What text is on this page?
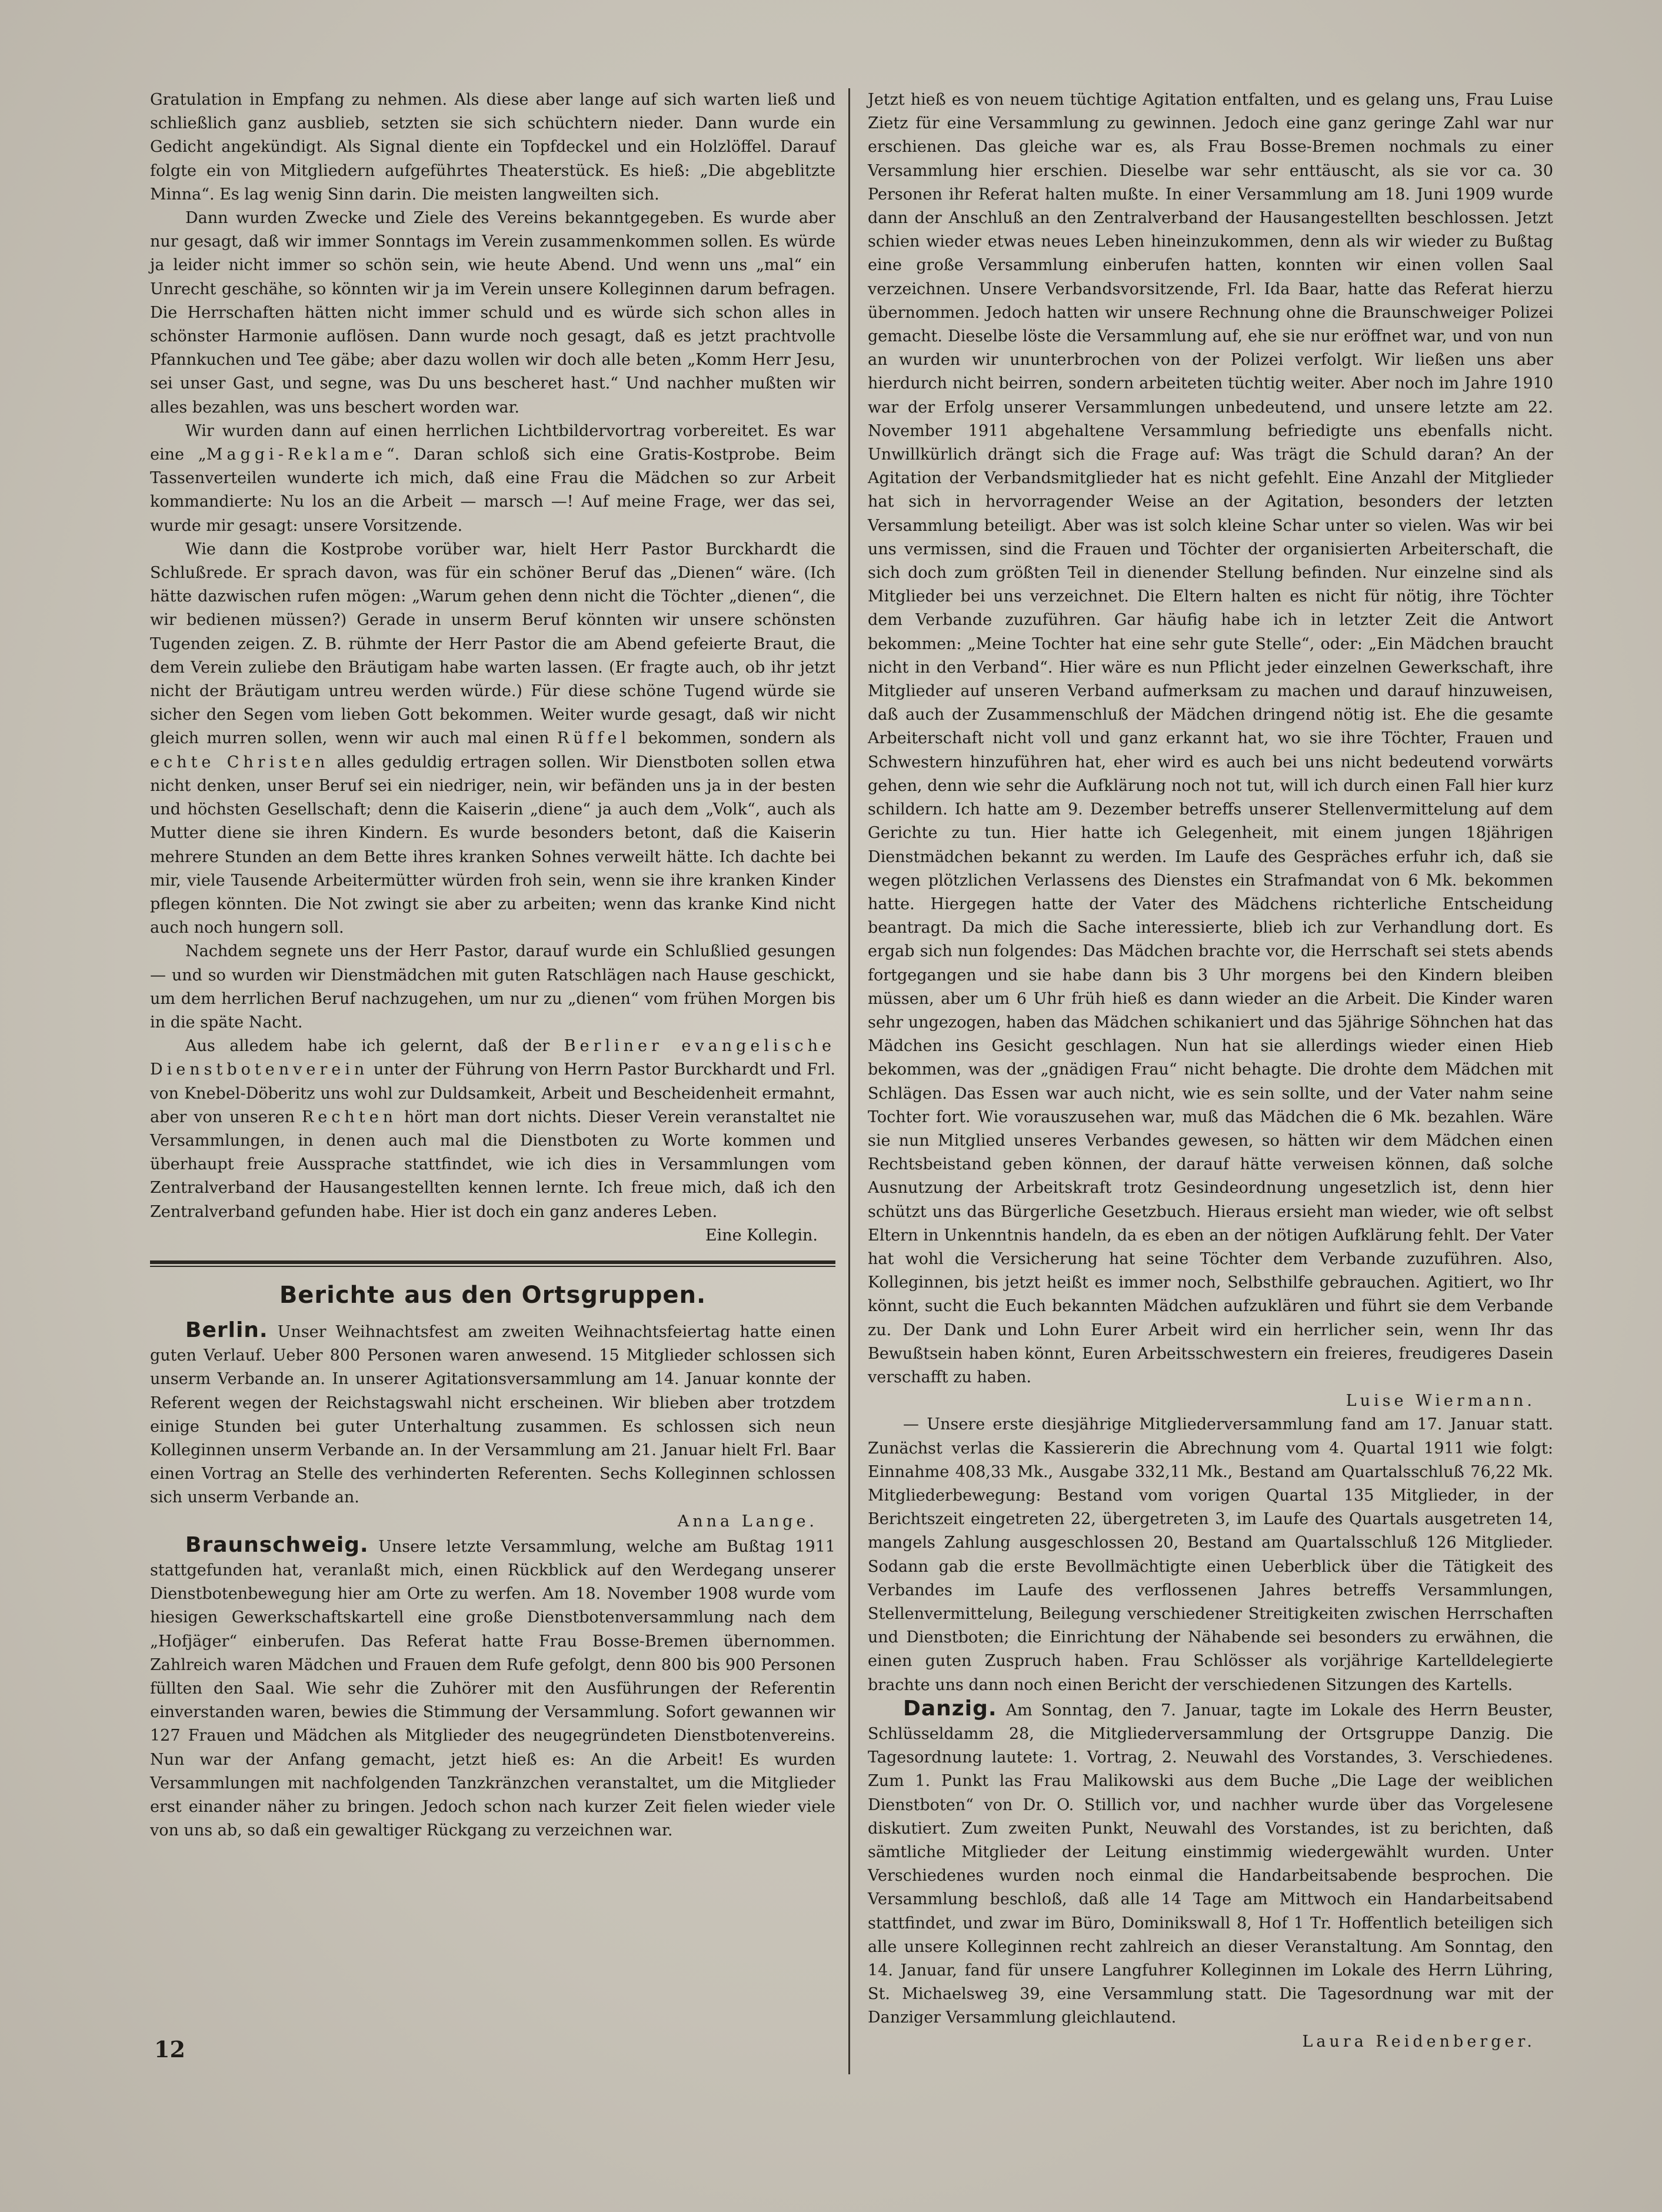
Gratulation in Empfang zu nehmen. Als diese aber lange auf sich warten ließ und schließlich ganz ausblieb, setzten sie sich schüchtern nieder. Dann wurde ein Gedicht angekündigt. Als Signal diente ein Topfdeckel und ein Holzlöffel. Darauf folgte ein von Mitgliedern aufgeführtes Theaterstück. Es hieß: „Die abgeblitzte Minna“. Es lag wenig Sinn darin. Die meisten langweilten sich.

Dann wurden Zwecke und Ziele des Vereins bekanntgegeben. Es wurde aber nur gesagt, daß wir immer Sonntags im Verein zusammenkommen sollen. Es würde ja leider nicht immer so schön sein, wie heute Abend. Und wenn uns „mal“ ein Unrecht geschähe, so könnten wir ja im Verein unsere Kolleginnen darum befragen. Die Herrschaften hätten nicht immer schuld und es würde sich schon alles in schönster Harmonie auflösen. Dann wurde noch gesagt, daß es jetzt prachtvolle Pfannkuchen und Tee gäbe; aber dazu wollen wir doch alle beten „Komm Herr Jesu, sei unser Gast, und segne, was Du uns bescheret hast.“ Und nachher mußten wir alles bezahlen, was uns beschert worden war.

Wir wurden dann auf einen herrlichen Lichtbildervortrag vorbereitet. Es war eine „Maggi-Reklame“. Daran schloß sich eine Gratis-Kostprobe. Beim Tassenverteilen wunderte ich mich, daß eine Frau die Mädchen so zur Arbeit kommandierte: Nu los an die Arbeit — marsch —! Auf meine Frage, wer das sei, wurde mir gesagt: unsere Vorsitzende.

Wie dann die Kostprobe vorüber war, hielt Herr Pastor Burckhardt die Schlußrede. Er sprach davon, was für ein schöner Beruf das „Dienen“ wäre. (Ich hätte dazwischen rufen mögen: „Warum gehen denn nicht die Töchter „dienen“, die wir bedienen müssen?) Gerade in unserm Beruf könnten wir unsere schönsten Tugenden zeigen. Z. B. rühmte der Herr Pastor die am Abend gefeierte Braut, die dem Verein zuliebe den Bräutigam habe warten lassen. (Er fragte auch, ob ihr jetzt nicht der Bräutigam untreu werden würde.) Für diese schöne Tugend würde sie sicher den Segen vom lieben Gott bekommen. Weiter wurde gesagt, daß wir nicht gleich murren sollen, wenn wir auch mal einen Rüffel bekommen, sondern als echte Christen alles geduldig ertragen sollen. Wir Dienstboten sollen etwa nicht denken, unser Beruf sei ein niedriger, nein, wir befänden uns ja in der besten und höchsten Gesellschaft; denn die Kaiserin „diene“ ja auch dem „Volk“, auch als Mutter diene sie ihren Kindern. Es wurde besonders betont, daß die Kaiserin mehrere Stunden an dem Bette ihres kranken Sohnes verweilt hätte. Ich dachte bei mir, viele Tausende Arbeitermütter würden froh sein, wenn sie ihre kranken Kinder pflegen könnten. Die Not zwingt sie aber zu arbeiten; wenn das kranke Kind nicht auch noch hungern soll.

Nachdem segnete uns der Herr Pastor, darauf wurde ein Schlußlied gesungen — und so wurden wir Dienstmädchen mit guten Ratschlägen nach Hause geschickt, um dem herrlichen Beruf nachzugehen, um nur zu „dienen“ vom frühen Morgen bis in die späte Nacht.

Aus alledem habe ich gelernt, daß der Berliner evangelische Dienstbotenverein unter der Führung von Herrn Pastor Burckhardt und Frl. von Knebel-Döberitz uns wohl zur Duldsamkeit, Arbeit und Bescheidenheit ermahnt, aber von unseren Rechten hört man dort nichts. Dieser Verein veranstaltet nie Versammlungen, in denen auch mal die Dienstboten zu Worte kommen und überhaupt freie Aussprache stattfindet, wie ich dies in Versammlungen vom Zentralverband der Hausangestellten kennen lernte. Ich freue mich, daß ich den Zentralverband gefunden habe. Hier ist doch ein ganz anderes Leben.

Eine Kollegin.
Berichte aus den Ortsgruppen.

Berlin. Unser Weihnachtsfest am zweiten Weihnachtsfeiertag hatte einen guten Verlauf. Ueber 800 Personen waren anwesend. 15 Mitglieder schlossen sich unserm Verbande an. In unserer Agitationsversammlung am 14. Januar konnte der Referent wegen der Reichstagswahl nicht erscheinen. Wir blieben aber trotzdem einige Stunden bei guter Unterhaltung zusammen. Es schlossen sich neun Kolleginnen unserm Verbande an. In der Versammlung am 21. Januar hielt Frl. Baar einen Vortrag an Stelle des verhinderten Referenten. Sechs Kolleginnen schlossen sich unserm Verbande an.

Anna Lange.

Braunschweig. Unsere letzte Versammlung, welche am Bußtag 1911 stattgefunden hat, veranlaßt mich, einen Rückblick auf den Werdegang unserer Dienstbotenbewegung hier am Orte zu werfen. Am 18. November 1908 wurde vom hiesigen Gewerkschaftskartell eine große Dienstbotenversammlung nach dem „Hofjäger“ einberufen. Das Referat hatte Frau Bosse-Bremen übernommen. Zahlreich waren Mädchen und Frauen dem Rufe gefolgt, denn 800 bis 900 Personen füllten den Saal. Wie sehr die Zuhörer mit den Ausführungen der Referentin einverstanden waren, bewies die Stimmung der Versammlung. Sofort gewannen wir 127 Frauen und Mädchen als Mitglieder des neugegründeten Dienstbotenvereins. Nun war der Anfang gemacht, jetzt hieß es: An die Arbeit! Es wurden Versammlungen mit nachfolgenden Tanzkränzchen veranstaltet, um die Mitglieder erst einander näher zu bringen. Jedoch schon nach kurzer Zeit fielen wieder viele von uns ab, so daß ein gewaltiger Rückgang zu verzeichnen war.

Jetzt hieß es von neuem tüchtige Agitation entfalten, und es gelang uns, Frau Luise Zietz für eine Versammlung zu gewinnen. Jedoch eine ganz geringe Zahl war nur erschienen. Das gleiche war es, als Frau Bosse-Bremen nochmals zu einer Versammlung hier erschien. Dieselbe war sehr enttäuscht, als sie vor ca. 30 Personen ihr Referat halten mußte. In einer Versammlung am 18. Juni 1909 wurde dann der Anschluß an den Zentralverband der Hausangestellten beschlossen. Jetzt schien wieder etwas neues Leben hineinzukommen, denn als wir wieder zu Bußtag eine große Versammlung einberufen hatten, konnten wir einen vollen Saal verzeichnen. Unsere Verbandsvorsitzende, Frl. Ida Baar, hatte das Referat hierzu übernommen. Jedoch hatten wir unsere Rechnung ohne die Braunschweiger Polizei gemacht. Dieselbe löste die Versammlung auf, ehe sie nur eröffnet war, und von nun an wurden wir ununterbrochen von der Polizei verfolgt. Wir ließen uns aber hierdurch nicht beirren, sondern arbeiteten tüchtig weiter. Aber noch im Jahre 1910 war der Erfolg unserer Versammlungen unbedeutend, und unsere letzte am 22. November 1911 abgehaltene Versammlung befriedigte uns ebenfalls nicht. Unwillkürlich drängt sich die Frage auf: Was trägt die Schuld daran? An der Agitation der Verbandsmitglieder hat es nicht gefehlt. Eine Anzahl der Mitglieder hat sich in hervorragender Weise an der Agitation, besonders der letzten Versammlung beteiligt. Aber was ist solch kleine Schar unter so vielen. Was wir bei uns vermissen, sind die Frauen und Töchter der organisierten Arbeiterschaft, die sich doch zum größten Teil in dienender Stellung befinden. Nur einzelne sind als Mitglieder bei uns verzeichnet. Die Eltern halten es nicht für nötig, ihre Töchter dem Verbande zuzuführen. Gar häufig habe ich in letzter Zeit die Antwort bekommen: „Meine Tochter hat eine sehr gute Stelle“, oder: „Ein Mädchen braucht nicht in den Verband“. Hier wäre es nun Pflicht jeder einzelnen Gewerkschaft, ihre Mitglieder auf unseren Verband aufmerksam zu machen und darauf hinzuweisen, daß auch der Zusammenschluß der Mädchen dringend nötig ist. Ehe die gesamte Arbeiterschaft nicht voll und ganz erkannt hat, wo sie ihre Töchter, Frauen und Schwestern hinzuführen hat, eher wird es auch bei uns nicht bedeutend vorwärts gehen, denn wie sehr die Aufklärung noch not tut, will ich durch einen Fall hier kurz schildern. Ich hatte am 9. Dezember betreffs unserer Stellenvermittelung auf dem Gerichte zu tun. Hier hatte ich Gelegenheit, mit einem jungen 18jährigen Dienstmädchen bekannt zu werden. Im Laufe des Gespräches erfuhr ich, daß sie wegen plötzlichen Verlassens des Dienstes ein Strafmandat von 6 Mk. bekommen hatte. Hiergegen hatte der Vater des Mädchens richterliche Entscheidung beantragt. Da mich die Sache interessierte, blieb ich zur Verhandlung dort. Es ergab sich nun folgendes: Das Mädchen brachte vor, die Herrschaft sei stets abends fortgegangen und sie habe dann bis 3 Uhr morgens bei den Kindern bleiben müssen, aber um 6 Uhr früh hieß es dann wieder an die Arbeit. Die Kinder waren sehr ungezogen, haben das Mädchen schikaniert und das 5jährige Söhnchen hat das Mädchen ins Gesicht geschlagen. Nun hat sie allerdings wieder einen Hieb bekommen, was der „gnädigen Frau“ nicht behagte. Die drohte dem Mädchen mit Schlägen. Das Essen war auch nicht, wie es sein sollte, und der Vater nahm seine Tochter fort. Wie vorauszusehen war, muß das Mädchen die 6 Mk. bezahlen. Wäre sie nun Mitglied unseres Verbandes gewesen, so hätten wir dem Mädchen einen Rechtsbeistand geben können, der darauf hätte verweisen können, daß solche Ausnutzung der Arbeitskraft trotz Gesindeordnung ungesetzlich ist, denn hier schützt uns das Bürgerliche Gesetzbuch. Hieraus ersieht man wieder, wie oft selbst Eltern in Unkenntnis handeln, da es eben an der nötigen Aufklärung fehlt. Der Vater hat wohl die Versicherung hat seine Töchter dem Verbande zuzuführen. Also, Kolleginnen, bis jetzt heißt es immer noch, Selbsthilfe gebrauchen. Agitiert, wo Ihr könnt, sucht die Euch bekannten Mädchen aufzuklären und führt sie dem Verbande zu. Der Dank und Lohn Eurer Arbeit wird ein herrlicher sein, wenn Ihr das Bewußtsein haben könnt, Euren Arbeitsschwestern ein freieres, freudigeres Dasein verschafft zu haben.

Luise Wiermann.

— Unsere erste diesjährige Mitgliederversammlung fand am 17. Januar statt. Zunächst verlas die Kassiererin die Abrechnung vom 4. Quartal 1911 wie folgt: Einnahme 408,33 Mk., Ausgabe 332,11 Mk., Bestand am Quartalsschluß 76,22 Mk. Mitgliederbewegung: Bestand vom vorigen Quartal 135 Mitglieder, in der Berichtszeit eingetreten 22, übergetreten 3, im Laufe des Quartals ausgetreten 14, mangels Zahlung ausgeschlossen 20, Bestand am Quartalsschluß 126 Mitglieder. Sodann gab die erste Bevollmächtigte einen Ueberblick über die Tätigkeit des Verbandes im Laufe des verflossenen Jahres betreffs Versammlungen, Stellenvermittelung, Beilegung verschiedener Streitigkeiten zwischen Herrschaften und Dienstboten; die Einrichtung der Nähabende sei besonders zu erwähnen, die einen guten Zuspruch haben. Frau Schlösser als vorjährige Kartelldelegierte brachte uns dann noch einen Bericht der verschiedenen Sitzungen des Kartells.

Danzig. Am Sonntag, den 7. Januar, tagte im Lokale des Herrn Beuster, Schlüsseldamm 28, die Mitgliederversammlung der Ortsgruppe Danzig. Die Tagesordnung lautete: 1. Vortrag, 2. Neuwahl des Vorstandes, 3. Verschiedenes. Zum 1. Punkt las Frau Malikowski aus dem Buche „Die Lage der weiblichen Dienstboten“ von Dr. O. Stillich vor, und nachher wurde über das Vorgelesene diskutiert. Zum zweiten Punkt, Neuwahl des Vorstandes, ist zu berichten, daß sämtliche Mitglieder der Leitung einstimmig wiedergewählt wurden. Unter Verschiedenes wurden noch einmal die Handarbeitsabende besprochen. Die Versammlung beschloß, daß alle 14 Tage am Mittwoch ein Handarbeitsabend stattfindet, und zwar im Büro, Dominikswall 8, Hof 1 Tr. Hoffentlich beteiligen sich alle unsere Kolleginnen recht zahlreich an dieser Veranstaltung. Am Sonntag, den 14. Januar, fand für unsere Langfuhrer Kolleginnen im Lokale des Herrn Lühring, St. Michaelsweg 39, eine Versammlung statt. Die Tagesordnung war mit der Danziger Versammlung gleichlautend.

Laura Reidenberger.
12
